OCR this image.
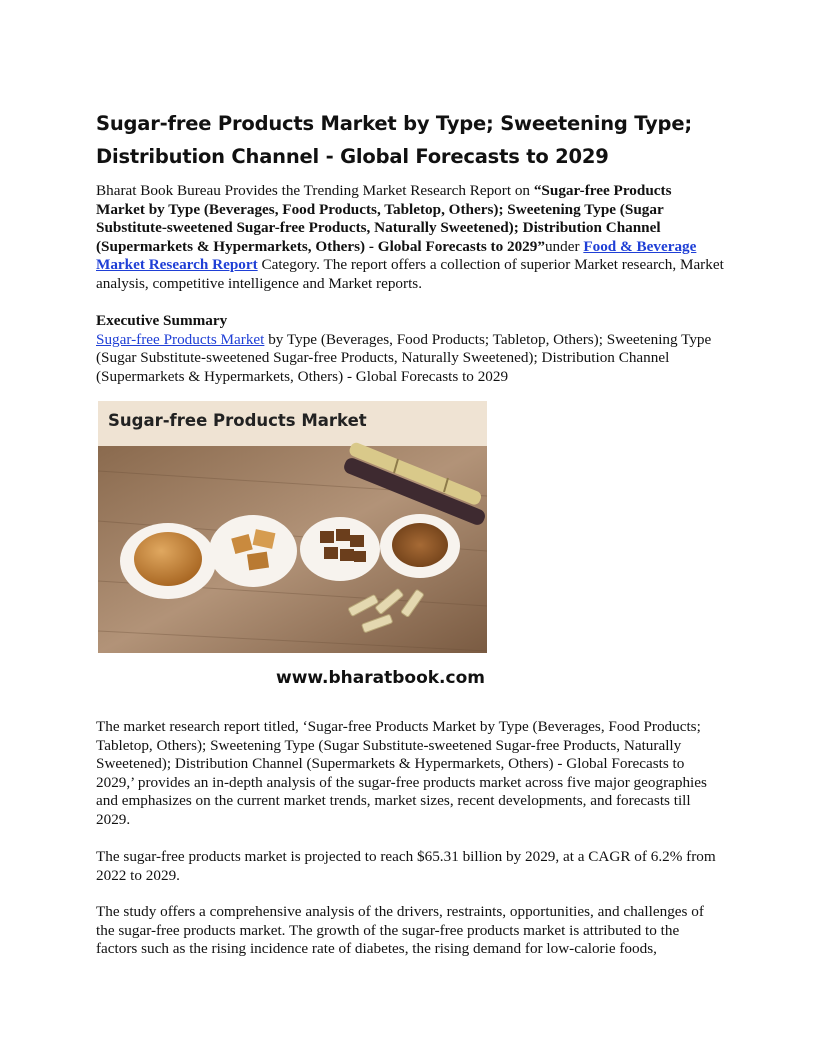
Sugar-free Products Market by Type; Sweetening Type; Distribution Channel - Global Forecasts to 2029

Bharat Book Bureau Provides the Trending Market Research Report on “Sugar-free Products Market by Type (Beverages, Food Products, Tabletop, Others); Sweetening Type (Sugar Substitute-sweetened Sugar-free Products, Naturally Sweetened); Distribution Channel (Supermarkets & Hypermarkets, Others) - Global Forecasts to 2029”under Food & Beverage Market Research Report Category. The report offers a collection of superior Market research, Market analysis, competitive intelligence and Market reports.

Executive Summary
Sugar-free Products Market by Type (Beverages, Food Products; Tabletop, Others); Sweetening Type (Sugar Substitute-sweetened Sugar-free Products, Naturally Sweetened); Distribution Channel (Supermarkets & Hypermarkets, Others) - Global Forecasts to 2029
Sugar-free Products Market
www.bharatbook.com

The market research report titled, ‘Sugar-free Products Market by Type (Beverages, Food Products; Tabletop, Others); Sweetening Type (Sugar Substitute-sweetened Sugar-free Products, Naturally Sweetened); Distribution Channel (Supermarkets & Hypermarkets, Others) - Global Forecasts to 2029,’ provides an in-depth analysis of the sugar-free products market across five major geographies and emphasizes on the current market trends, market sizes, recent developments, and forecasts till 2029.

The sugar-free products market is projected to reach $65.31 billion by 2029, at a CAGR of 6.2% from 2022 to 2029.

The study offers a comprehensive analysis of the drivers, restraints, opportunities, and challenges of the sugar-free products market. The growth of the sugar-free products market is attributed to the factors such as the rising incidence rate of diabetes, the rising demand for low-calorie foods,
